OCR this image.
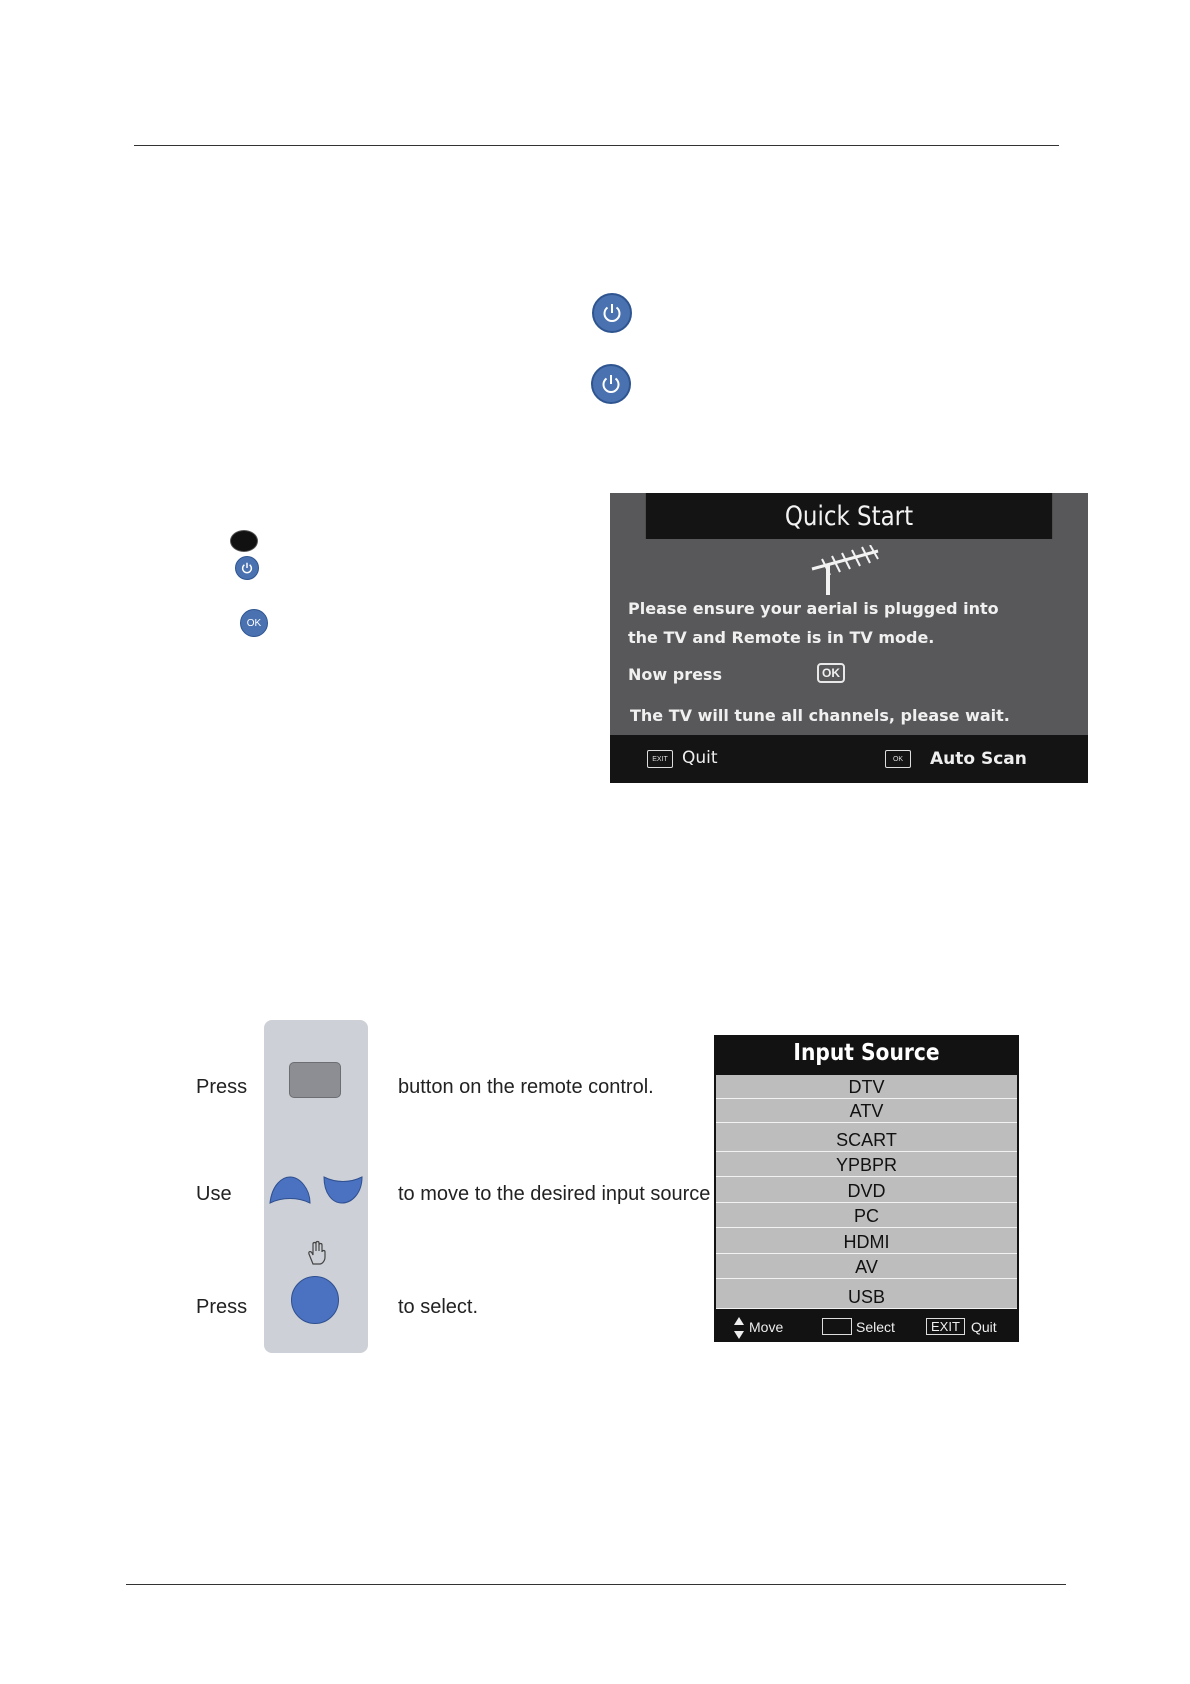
OK
Quick Start
Please ensure your aerial is plugged into
the TV and Remote is in TV mode.
Now press	OK
The TV will tune all channels, please wait.
EXIT Quit	OK	Auto Scan
Press
Use
Press
button on the remote control.
to move to the desired input source
to select.
Input Source
DTV
ATV
SCART
YPBPR
DVD
PC
HDMI
AV
USB
Move	Select	EXIT Quit
